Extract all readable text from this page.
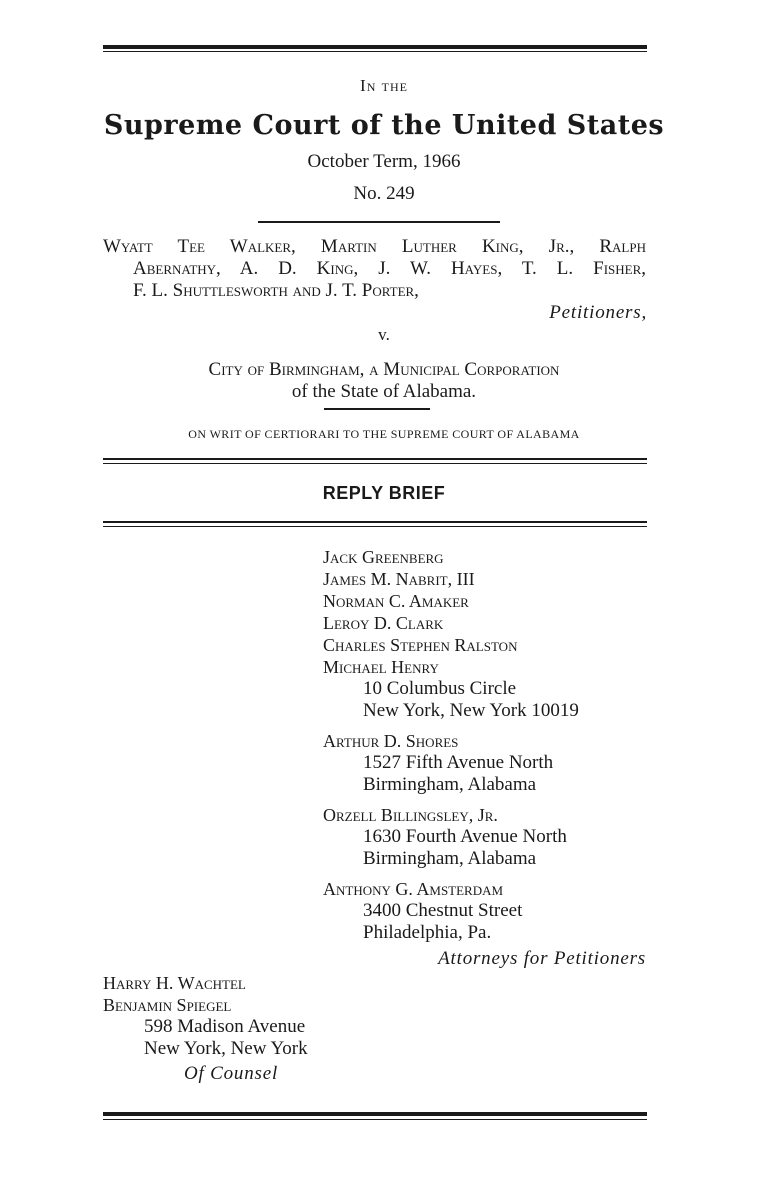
In the
Supreme Court of the United States
October Term, 1966
No. 249
Wyatt Tee Walker, Martin Luther King, Jr., Ralph
Abernathy, A. D. King, J. W. Hayes, T. L. Fisher,
F. L. Shuttlesworth and J. T. Porter,
Petitioners,
v.
City of Birmingham, a Municipal Corporation
of the State of Alabama.
ON WRIT OF CERTIORARI TO THE SUPREME COURT OF ALABAMA
REPLY BRIEF
Jack Greenberg
James M. Nabrit, III
Norman C. Amaker
Leroy D. Clark
Charles Stephen Ralston
Michael Henry
10 Columbus Circle
New York, New York 10019
Arthur D. Shores
1527 Fifth Avenue North
Birmingham, Alabama
Orzell Billingsley, Jr.
1630 Fourth Avenue North
Birmingham, Alabama
Anthony G. Amsterdam
3400 Chestnut Street
Philadelphia, Pa.
Attorneys for Petitioners
Harry H. Wachtel
Benjamin Spiegel
598 Madison Avenue
New York, New York
Of Counsel
